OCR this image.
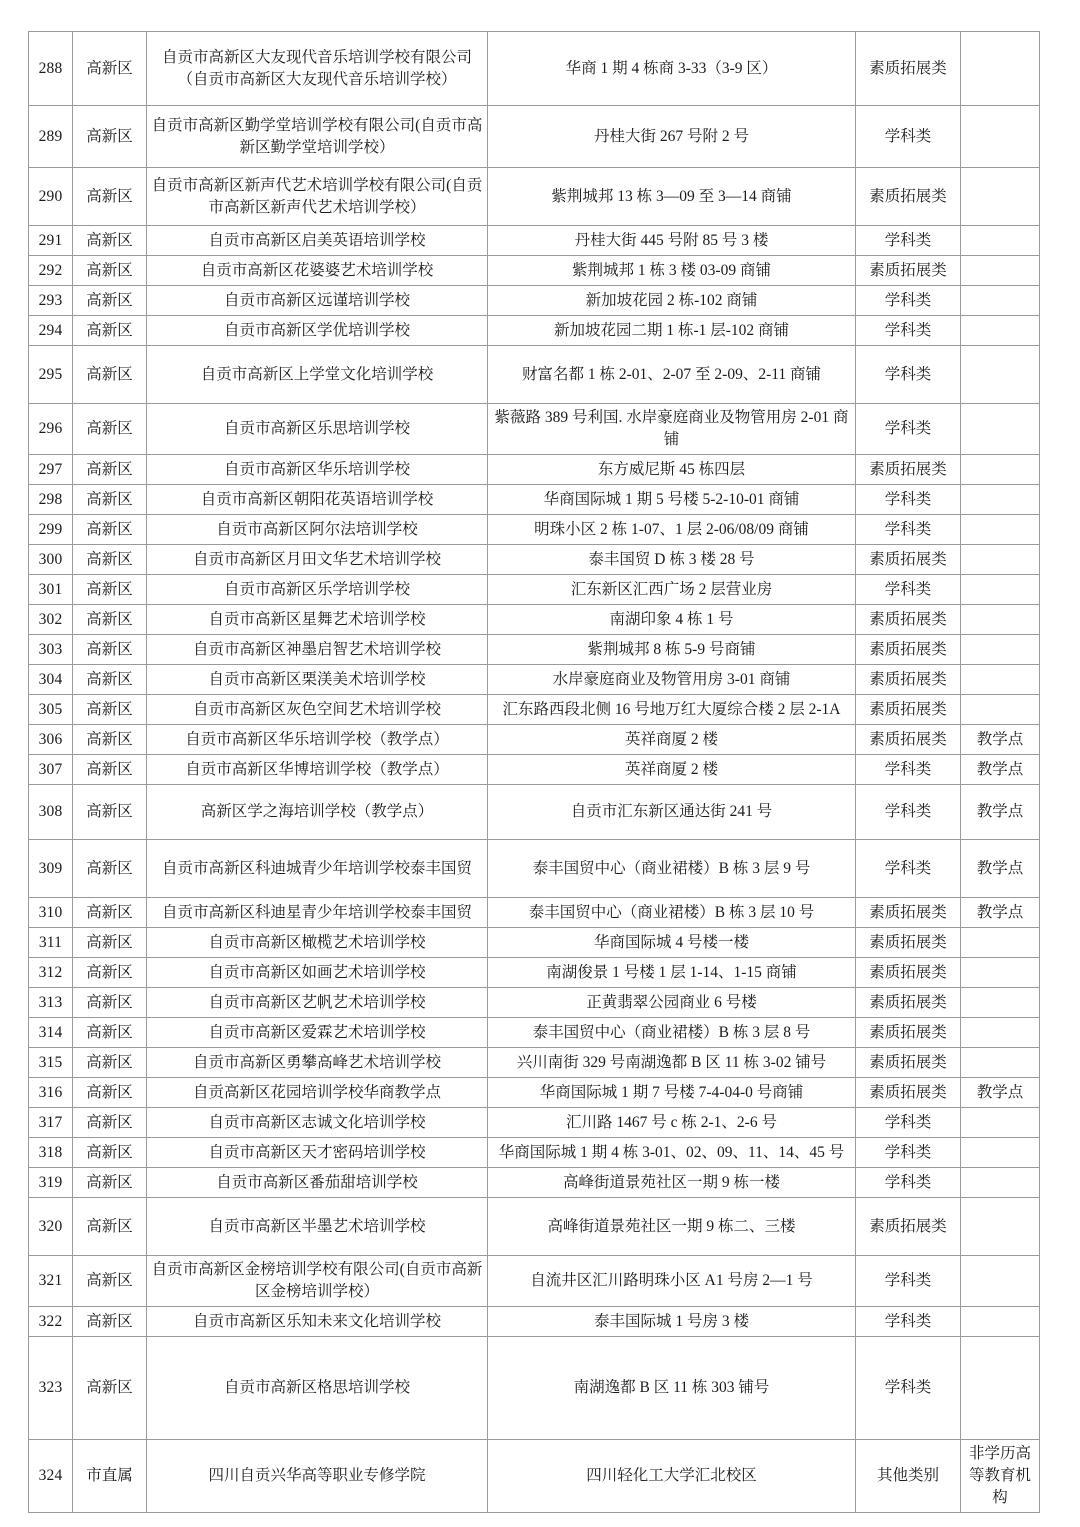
288	高新区	自贡市高新区大友现代音乐培训学校有限公司（自贡市高新区大友现代音乐培训学校）	华商 1 期 4 栋商 3-33（3-9 区）	素质拓展类	
289	高新区	自贡市高新区勤学堂培训学校有限公司(自贡市高新区勤学堂培训学校）	丹桂大街 267 号附 2 号	学科类	
290	高新区	自贡市高新区新声代艺术培训学校有限公司(自贡市高新区新声代艺术培训学校）	紫荆城邦 13 栋 3—09 至 3—14 商铺	素质拓展类	
291	高新区	自贡市高新区启美英语培训学校	丹桂大街 445 号附 85 号 3 楼	学科类	
292	高新区	自贡市高新区花婆婆艺术培训学校	紫荆城邦 1 栋 3 楼 03-09 商铺	素质拓展类	
293	高新区	自贡市高新区远谨培训学校	新加坡花园 2 栋-102 商铺	学科类	
294	高新区	自贡市高新区学优培训学校	新加坡花园二期 1 栋-1 层-102 商铺	学科类	
295	高新区	自贡市高新区上学堂文化培训学校	财富名都 1 栋 2-01、2-07 至 2-09、2-11 商铺	学科类	
296	高新区	自贡市高新区乐思培训学校	紫薇路 389 号利国. 水岸豪庭商业及物管用房 2-01 商铺	学科类	
297	高新区	自贡市高新区华乐培训学校	东方威尼斯 45 栋四层	素质拓展类	
298	高新区	自贡市高新区朝阳花英语培训学校	华商国际城 1 期 5 号楼 5-2-10-01 商铺	学科类	
299	高新区	自贡市高新区阿尔法培训学校	明珠小区 2 栋 1-07、1 层 2-06/08/09 商铺	学科类	
300	高新区	自贡市高新区月田文华艺术培训学校	泰丰国贸 D 栋 3 楼 28 号	素质拓展类	
301	高新区	自贡市高新区乐学培训学校	汇东新区汇西广场 2 层营业房	学科类	
302	高新区	自贡市高新区星舞艺术培训学校	南湖印象 4 栋 1 号	素质拓展类	
303	高新区	自贡市高新区神墨启智艺术培训学校	紫荆城邦 8 栋 5-9 号商铺	素质拓展类	
304	高新区	自贡市高新区栗渼美术培训学校	水岸豪庭商业及物管用房 3-01 商铺	素质拓展类	
305	高新区	自贡市高新区灰色空间艺术培训学校	汇东路西段北侧 16 号地万红大厦综合楼 2 层 2-1A	素质拓展类	
306	高新区	自贡市高新区华乐培训学校（教学点）	英祥商厦 2 楼	素质拓展类	教学点
307	高新区	自贡市高新区华博培训学校（教学点）	英祥商厦 2 楼	学科类	教学点
308	高新区	高新区学之海培训学校（教学点）	自贡市汇东新区通达街 241 号	学科类	教学点
309	高新区	自贡市高新区科迪城青少年培训学校泰丰国贸	泰丰国贸中心（商业裙楼）B 栋 3 层 9 号	学科类	教学点
310	高新区	自贡市高新区科迪星青少年培训学校泰丰国贸	泰丰国贸中心（商业裙楼）B 栋 3 层 10 号	素质拓展类	教学点
311	高新区	自贡市高新区橄榄艺术培训学校	华商国际城 4 号楼一楼	素质拓展类	
312	高新区	自贡市高新区如画艺术培训学校	南湖俊景 1 号楼 1 层 1-14、1-15 商铺	素质拓展类	
313	高新区	自贡市高新区艺帆艺术培训学校	正黄翡翠公园商业 6 号楼	素质拓展类	
314	高新区	自贡市高新区爱霖艺术培训学校	泰丰国贸中心（商业裙楼）B 栋 3 层 8 号	素质拓展类	
315	高新区	自贡市高新区勇攀高峰艺术培训学校	兴川南街 329 号南湖逸都 B 区 11 栋 3-02 铺号	素质拓展类	
316	高新区	自贡高新区花园培训学校华商教学点	华商国际城 1 期 7 号楼 7-4-04-0 号商铺	素质拓展类	教学点
317	高新区	自贡市高新区志诚文化培训学校	汇川路 1467 号 c 栋 2-1、2-6 号	学科类	
318	高新区	自贡市高新区天才密码培训学校	华商国际城 1 期 4 栋 3-01、02、09、11、14、45 号	学科类	
319	高新区	自贡市高新区番茄甜培训学校	高峰街道景苑社区一期 9 栋一楼	学科类	
320	高新区	自贡市高新区半墨艺术培训学校	高峰街道景苑社区一期 9 栋二、三楼	素质拓展类	
321	高新区	自贡市高新区金榜培训学校有限公司(自贡市高新区金榜培训学校）	自流井区汇川路明珠小区 A1 号房 2—1 号	学科类	
322	高新区	自贡市高新区乐知未来文化培训学校	泰丰国际城 1 号房 3 楼	学科类	
323	高新区	自贡市高新区格思培训学校	南湖逸都 B 区 11 栋 303 铺号	学科类	
324	市直属	四川自贡兴华高等职业专修学院	四川轻化工大学汇北校区	其他类别	非学历高等教育机构
